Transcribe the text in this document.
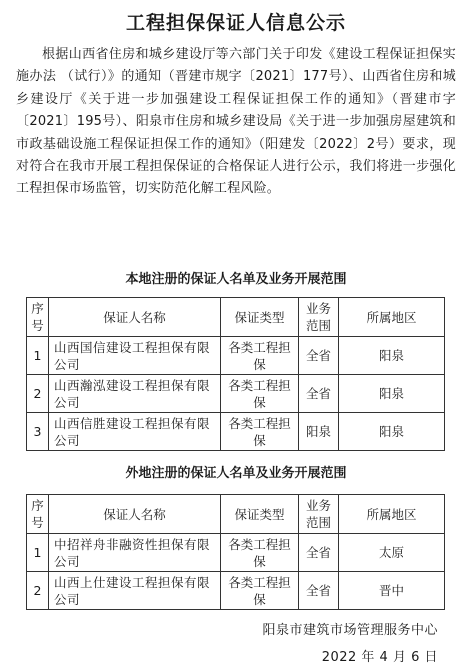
工程担保保证人信息公示
根据山西省住房和城乡建设厅等六部门关于印发《建设工程保证担保实施办法 （试行）》的通知（晋建市规字〔2021〕177号）、山西省住房和城乡建设厅《关于进一步加强建设工程保证担保工作的通知》（晋建市字〔2021〕195号）、阳泉市住房和城乡建设局《关于进一步加强房屋建筑和市政基础设施工程保证担保工作的通知》（阳建发〔2022〕2号）要求，现对符合在我市开展工程担保保证的合格保证人进行公示，我们将进一步强化工程担保市场监管，切实防范化解工程风险。
本地注册的保证人名单及业务开展范围
序号	保证人名称	保证类型	业务范围	所属地区
1	山西国信建设工程担保有限公司	各类工程担保	全省	阳泉
2	山西瀚泓建设工程担保有限公司	各类工程担保	全省	阳泉
3	山西信胜建设工程担保有限公司	各类工程担保	阳泉	阳泉
外地注册的保证人名单及业务开展范围
序号	保证人名称	保证类型	业务范围	所属地区
1	中招祥舟非融资性担保有限公司	各类工程担保	全省	太原
2	山西上仕建设工程担保有限公司	各类工程担保	全省	晋中
阳泉市建筑市场管理服务中心
2022 年 4 月 6 日
